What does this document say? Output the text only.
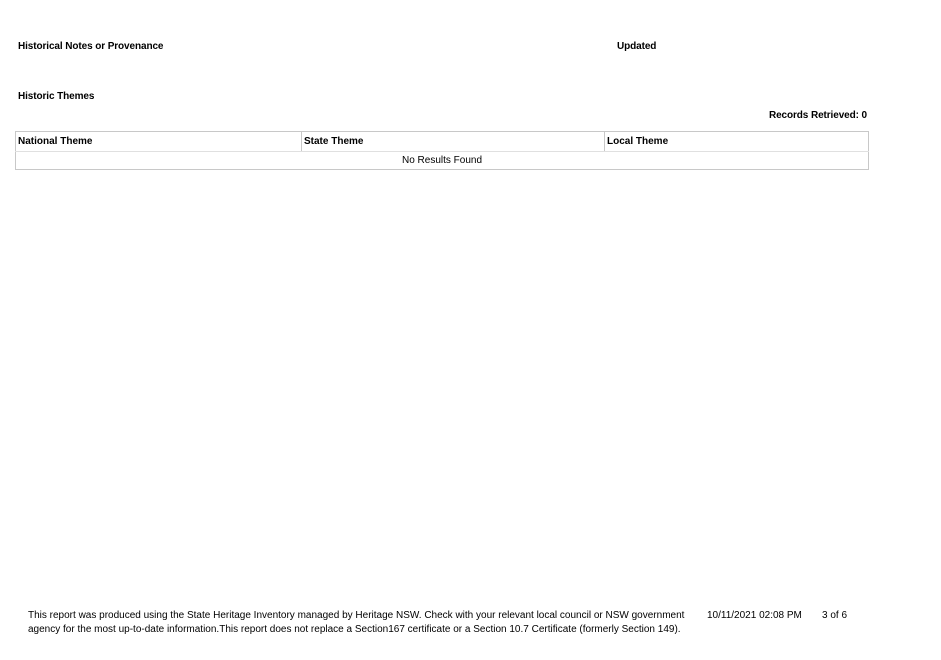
Historical Notes or Provenance	Updated
Historic Themes
Records Retrieved: 0
National Theme	State Theme	Local Theme
No Results Found
This report was produced using the State Heritage Inventory managed by Heritage NSW. Check with your relevant local council or NSW government agency for the most up-to-date information.This report does not replace a Section167 certificate or a Section 10.7 Certificate (formerly Section 149).
10/11/2021 02:08 PM 3 of 6
